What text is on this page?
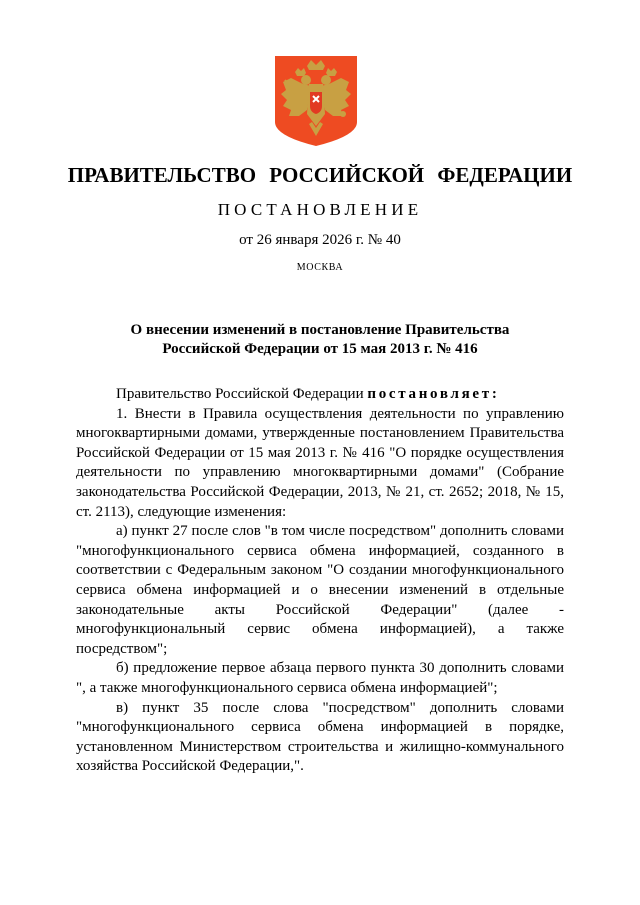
ПРАВИТЕЛЬСТВО РОССИЙСКОЙ ФЕДЕРАЦИИ
ПОСТАНОВЛЕНИЕ
от 26 января 2026 г. № 40
МОСКВА
О внесении изменений в постановление Правительства
Российской Федерации от 15 мая 2013 г. № 416

Правительство Российской Федерации постановляет:

1. Внести в Правила осуществления деятельности по управлению многоквартирными домами, утвержденные постановлением Правительства Российской Федерации от 15 мая 2013 г. № 416 "О порядке осуществления деятельности по управлению многоквартирными домами" (Собрание законодательства Российской Федерации, 2013, № 21, ст. 2652; 2018, № 15, ст. 2113), следующие изменения:

а) пункт 27 после слов "в том числе посредством" дополнить словами "многофункционального сервиса обмена информацией, созданного в соответствии с Федеральным законом "О создании многофункционального сервиса обмена информацией и о внесении изменений в отдельные законодательные акты Российской Федерации" (далее - многофункциональный сервис обмена информацией), а также посредством";

б) предложение первое абзаца первого пункта 30 дополнить словами ", а также многофункционального сервиса обмена информацией";

в) пункт 35 после слова "посредством" дополнить словами "многофункционального сервиса обмена информацией в порядке, установленном Министерством строительства и жилищно-коммунального хозяйства Российской Федерации,".
